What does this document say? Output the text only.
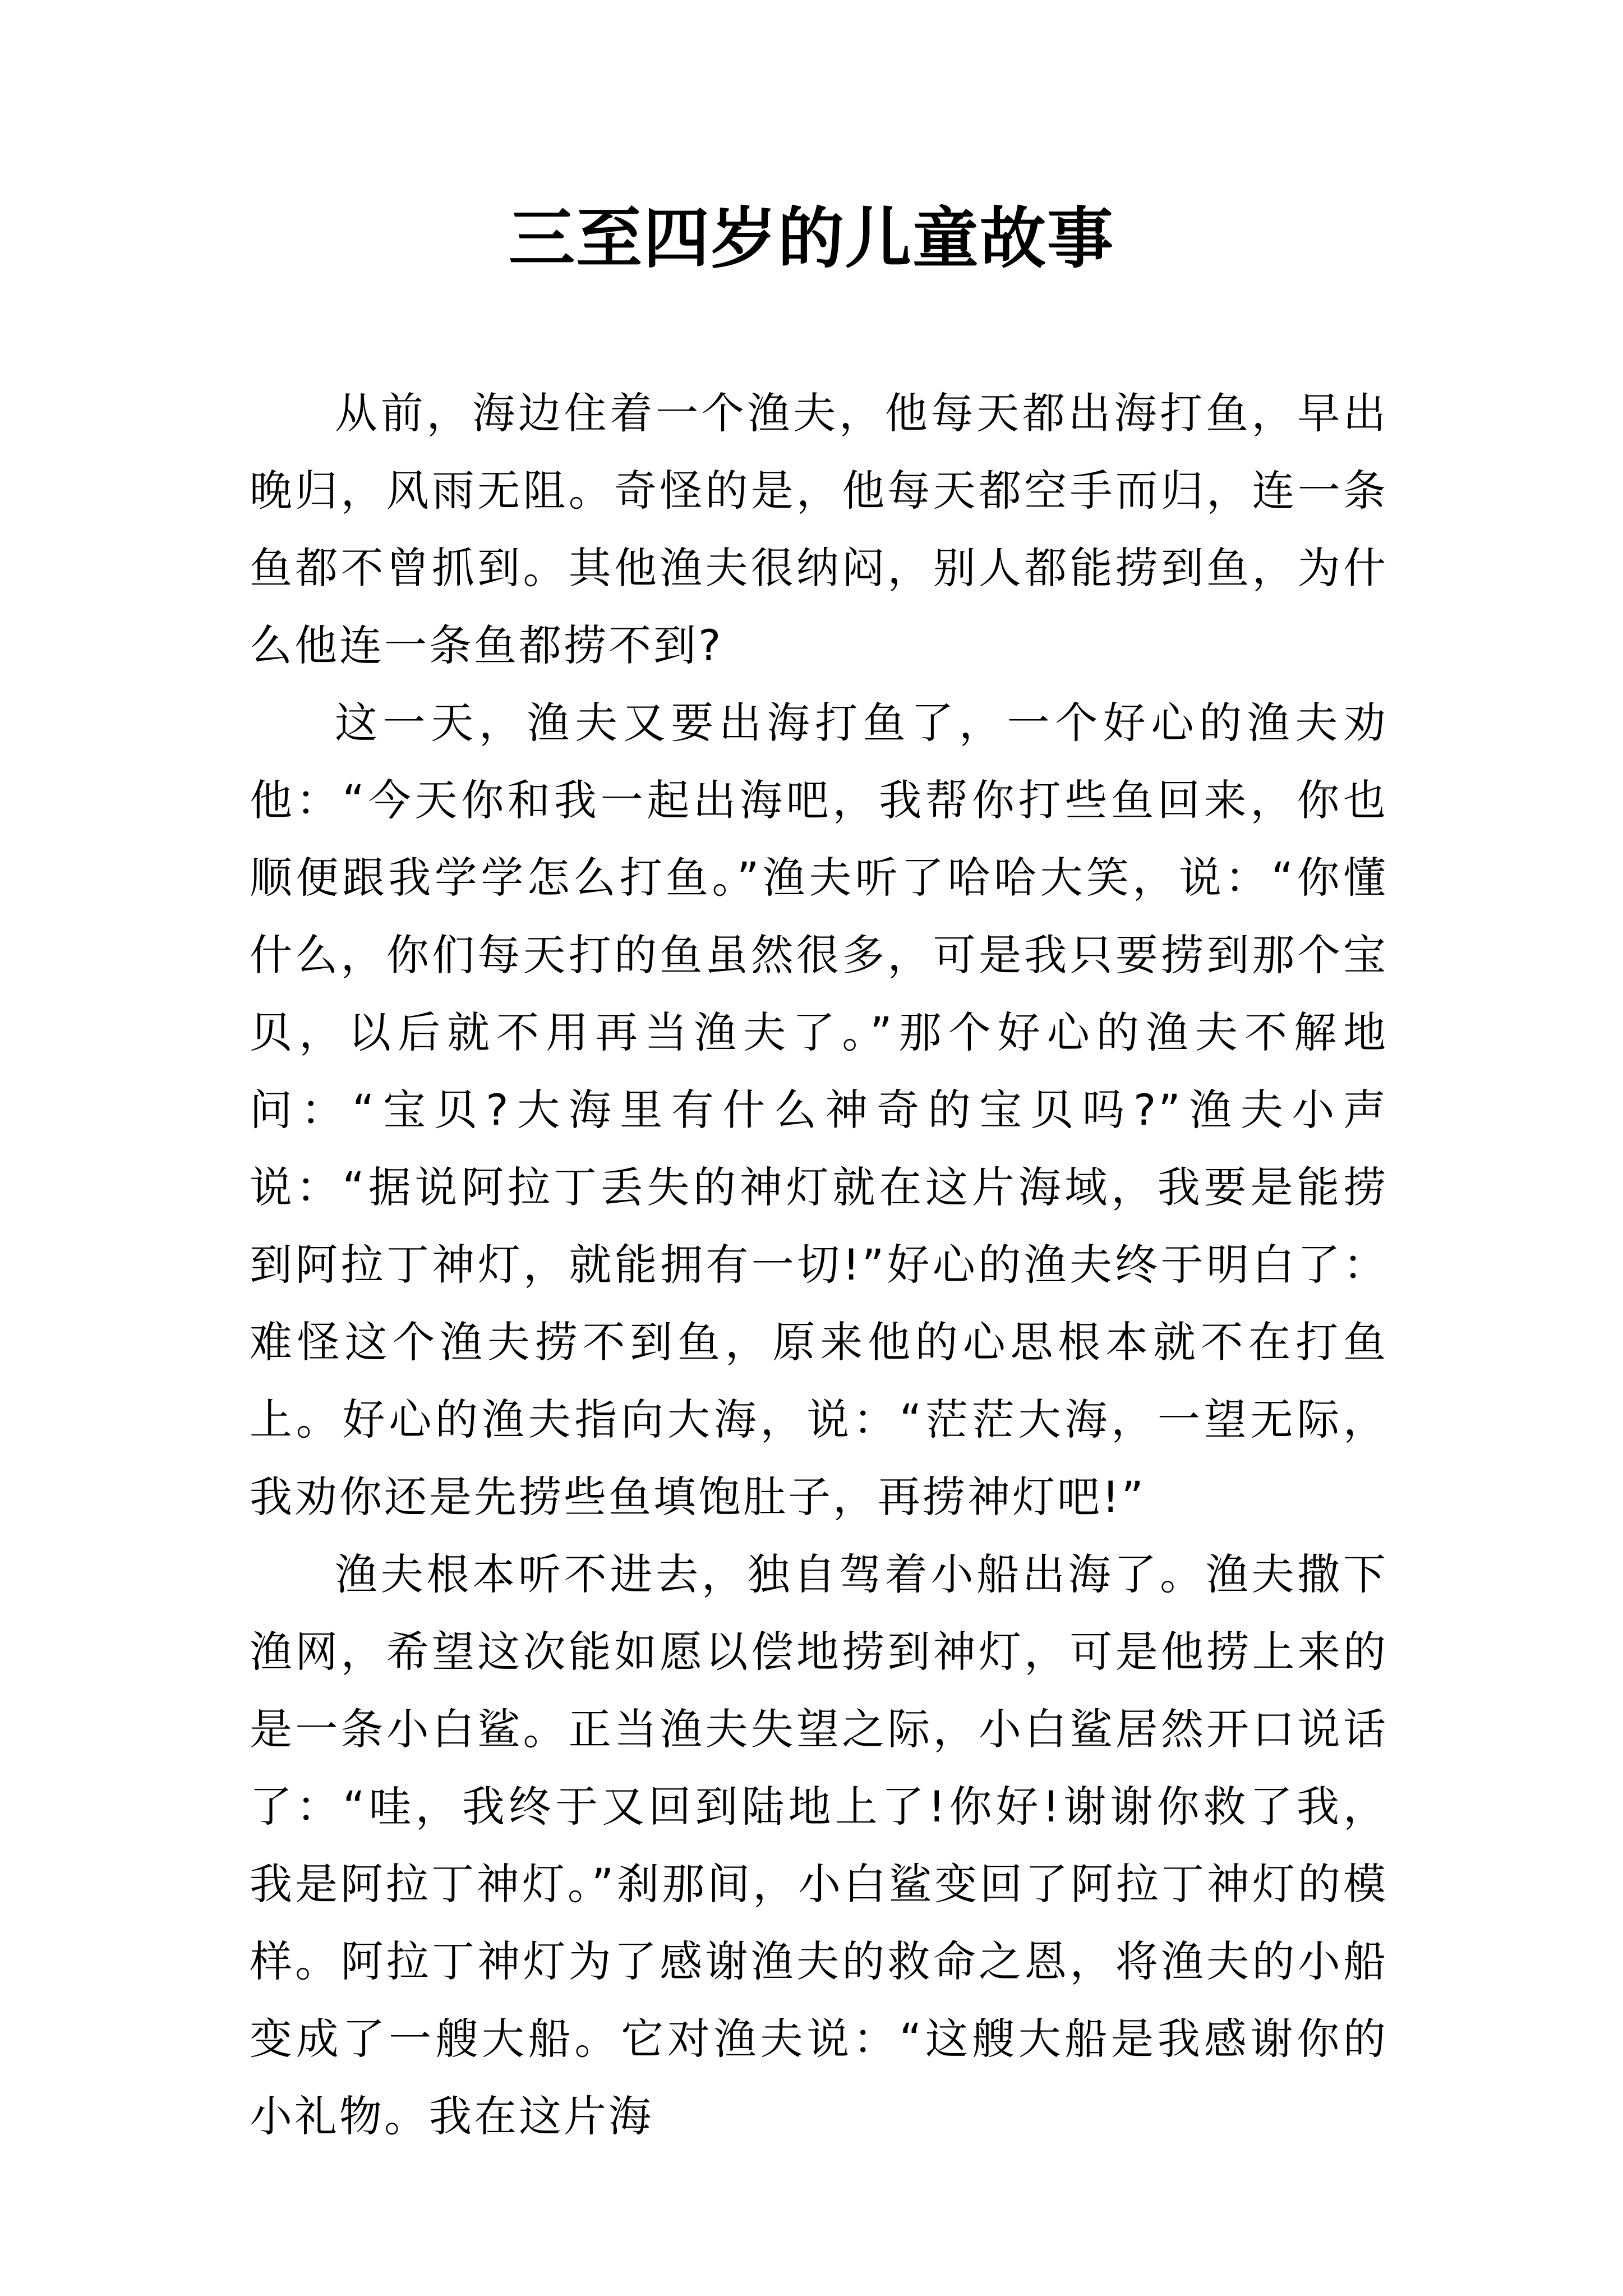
三至四岁的儿童故事

从前，海边住着一个渔夫，他每天都出海打鱼，早出晚归，风雨无阻。奇怪的是，他每天都空手而归，连一条鱼都不曾抓到。其他渔夫很纳闷，别人都能捞到鱼，为什么他连一条鱼都捞不到?

这一天，渔夫又要出海打鱼了，一个好心的渔夫劝他：“今天你和我一起出海吧，我帮你打些鱼回来，你也顺便跟我学学怎么打鱼。”渔夫听了哈哈大笑，说：“你懂什么，你们每天打的鱼虽然很多，可是我只要捞到那个宝贝，以后就不用再当渔夫了。”那个好心的渔夫不解地问：“宝贝?大海里有什么神奇的宝贝吗?”渔夫小声说：“据说阿拉丁丢失的神灯就在这片海域，我要是能捞到阿拉丁神灯，就能拥有一切!”好心的渔夫终于明白了：难怪这个渔夫捞不到鱼，原来他的心思根本就不在打鱼上。好心的渔夫指向大海，说：“茫茫大海，一望无际，我劝你还是先捞些鱼填饱肚子，再捞神灯吧!”

渔夫根本听不进去，独自驾着小船出海了。渔夫撒下渔网，希望这次能如愿以偿地捞到神灯，可是他捞上来的是一条小白鲨。正当渔夫失望之际，小白鲨居然开口说话了：“哇，我终于又回到陆地上了!你好!谢谢你救了我，我是阿拉丁神灯。”刹那间，小白鲨变回了阿拉丁神灯的模样。阿拉丁神灯为了感谢渔夫的救命之恩，将渔夫的小船变成了一艘大船。它对渔夫说：“这艘大船是我感谢你的小礼物。我在这片海
